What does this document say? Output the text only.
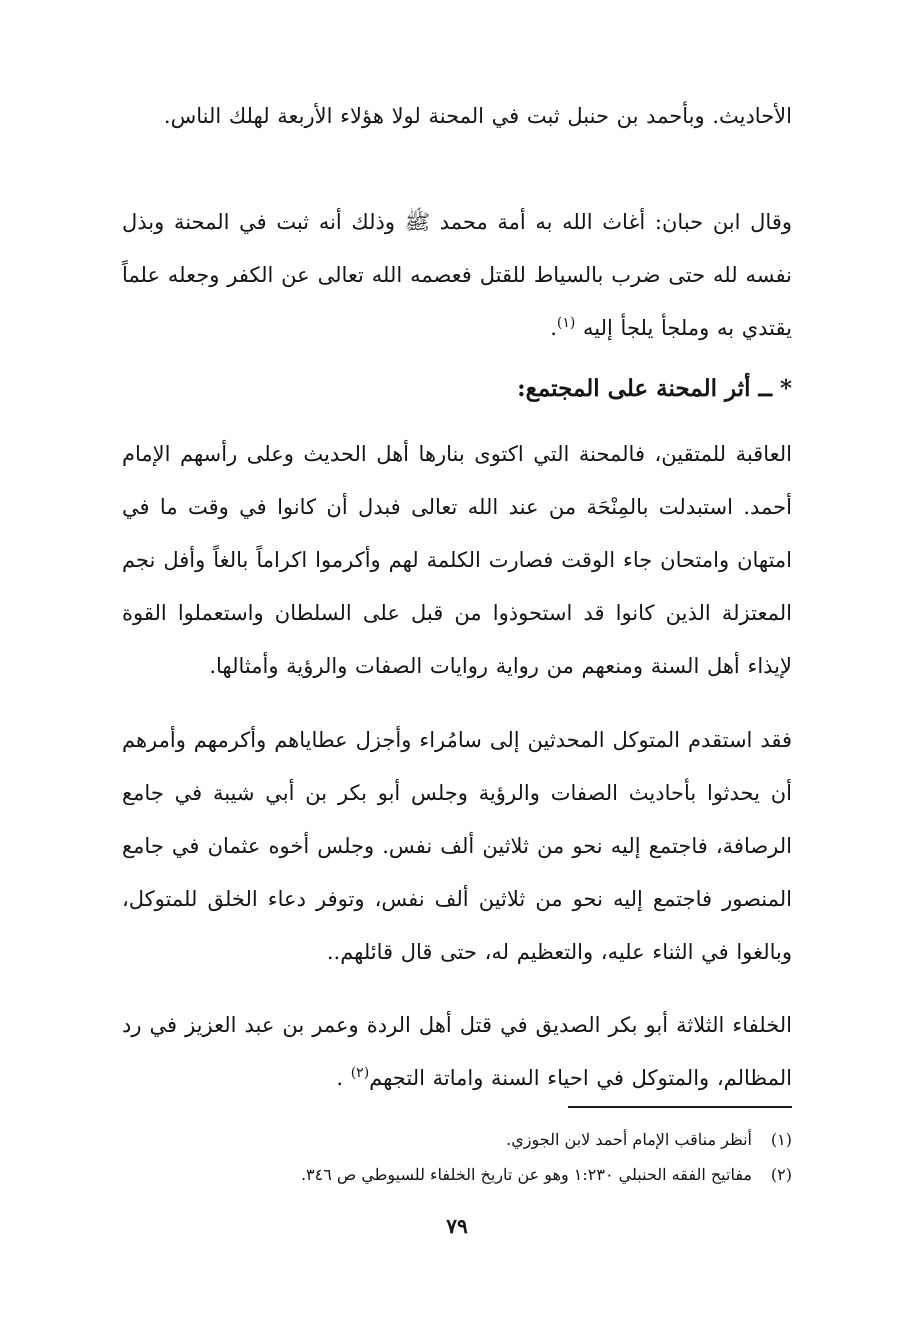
الأحاديث. وبأحمد بن حنبل ثبت في المحنة لولا هؤلاء الأربعة لهلك الناس.

وقال ابن حبان: أغاث الله به أمة محمد ﷺ وذلك أنه ثبت في المحنة وبذل نفسه لله حتى ضرب بالسياط للقتل فعصمه الله تعالى عن الكفر وجعله علماً يقتدي به وملجأ يلجأ إليه $^{(١)}$.

* ــ أثر المحنة على المجتمع:

العاقبة للمتقين، فالمحنة التي اكتوى بنارها أهل الحديث وعلى رأسهم الإمام أحمد. استبدلت بالمِنْحَة من عند الله تعالى فبدل أن كانوا في وقت ما في امتهان وامتحان جاء الوقت فصارت الكلمة لهم وأكرموا اكراماً بالغاً وأفل نجم المعتزلة الذين كانوا قد استحوذوا من قبل على السلطان واستعملوا القوة لإيذاء أهل السنة ومنعهم من رواية روايات الصفات والرؤية وأمثالها.

فقد استقدم المتوكل المحدثين إلى سامُراء وأجزل عطاياهم وأكرمهم وأمرهم أن يحدثوا بأحاديث الصفات والرؤية وجلس أبو بكر بن أبي شيبة في جامع الرصافة، فاجتمع إليه نحو من ثلاثين ألف نفس. وجلس أخوه عثمان في جامع المنصور فاجتمع إليه نحو من ثلاثين ألف نفس، وتوفر دعاء الخلق للمتوكل، وبالغوا في الثناء عليه، والتعظيم له، حتى قال قائلهم..

الخلفاء الثلاثة أبو بكر الصديق في قتل أهل الردة وعمر بن عبد العزيز في رد المظالم، والمتوكل في احياء السنة واماتة التجهم$^{(٢)}$ .

(١)أنظر مناقب الإمام أحمد لابن الجوزي.
(٢)مفاتيح الفقه الحنبلي ١:٢٣٠ وهو عن تاريخ الخلفاء للسيوطي ص ٣٤٦.
٧٩
